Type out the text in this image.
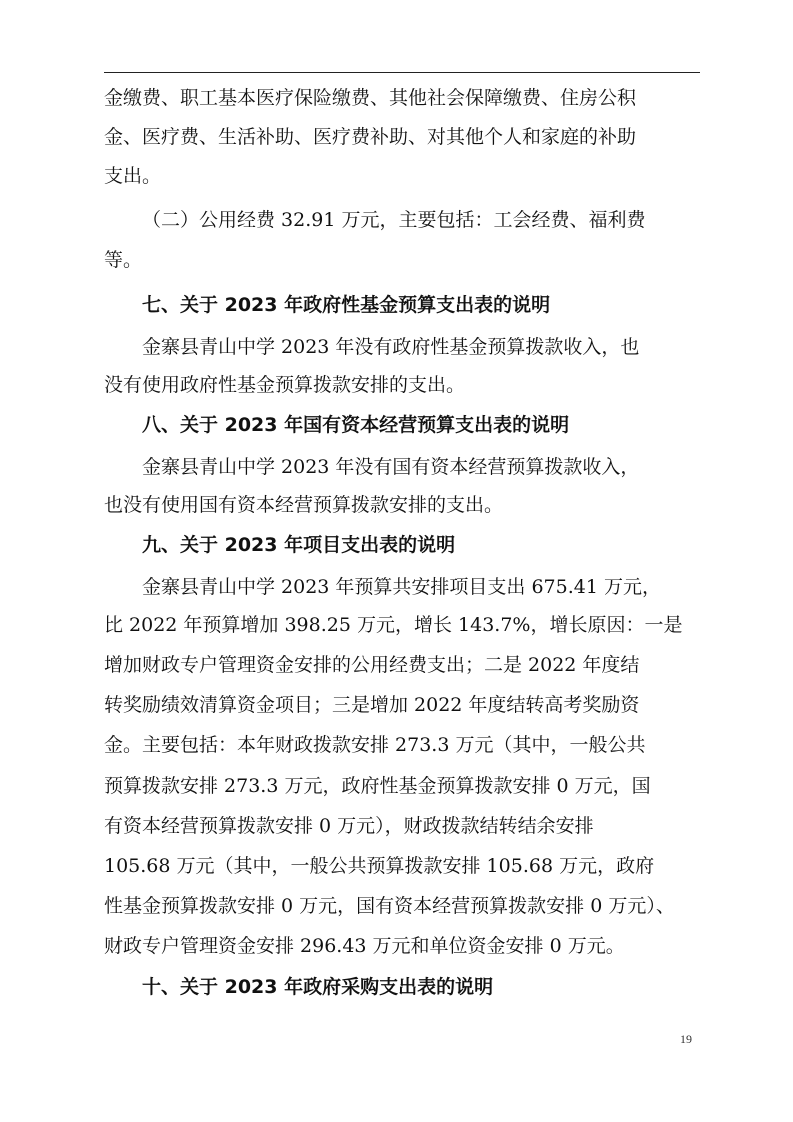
金缴费、职工基本医疗保险缴费、其他社会保障缴费、住房公积
金、医疗费、生活补助、医疗费补助、对其他个人和家庭的补助
支出。
（二）公用经费 32.91 万元，主要包括：工会经费、福利费
等。
七、关于 2023 年政府性基金预算支出表的说明
金寨县青山中学 2023 年没有政府性基金预算拨款收入，也
没有使用政府性基金预算拨款安排的支出。
八、关于 2023 年国有资本经营预算支出表的说明
金寨县青山中学 2023 年没有国有资本经营预算拨款收入，
也没有使用国有资本经营预算拨款安排的支出。
九、关于 2023 年项目支出表的说明
金寨县青山中学 2023 年预算共安排项目支出 675.41 万元，
比 2022 年预算增加 398.25 万元，增长 143.7%，增长原因：一是
增加财政专户管理资金安排的公用经费支出；二是 2022 年度结
转奖励绩效清算资金项目；三是增加 2022 年度结转高考奖励资
金。主要包括：本年财政拨款安排 273.3 万元（其中，一般公共
预算拨款安排 273.3 万元，政府性基金预算拨款安排 0 万元，国
有资本经营预算拨款安排 0 万元），财政拨款结转结余安排
105.68 万元（其中，一般公共预算拨款安排 105.68 万元，政府
性基金预算拨款安排 0 万元，国有资本经营预算拨款安排 0 万元）、
财政专户管理资金安排 296.43 万元和单位资金安排 0 万元。
十、关于 2023 年政府采购支出表的说明
19
